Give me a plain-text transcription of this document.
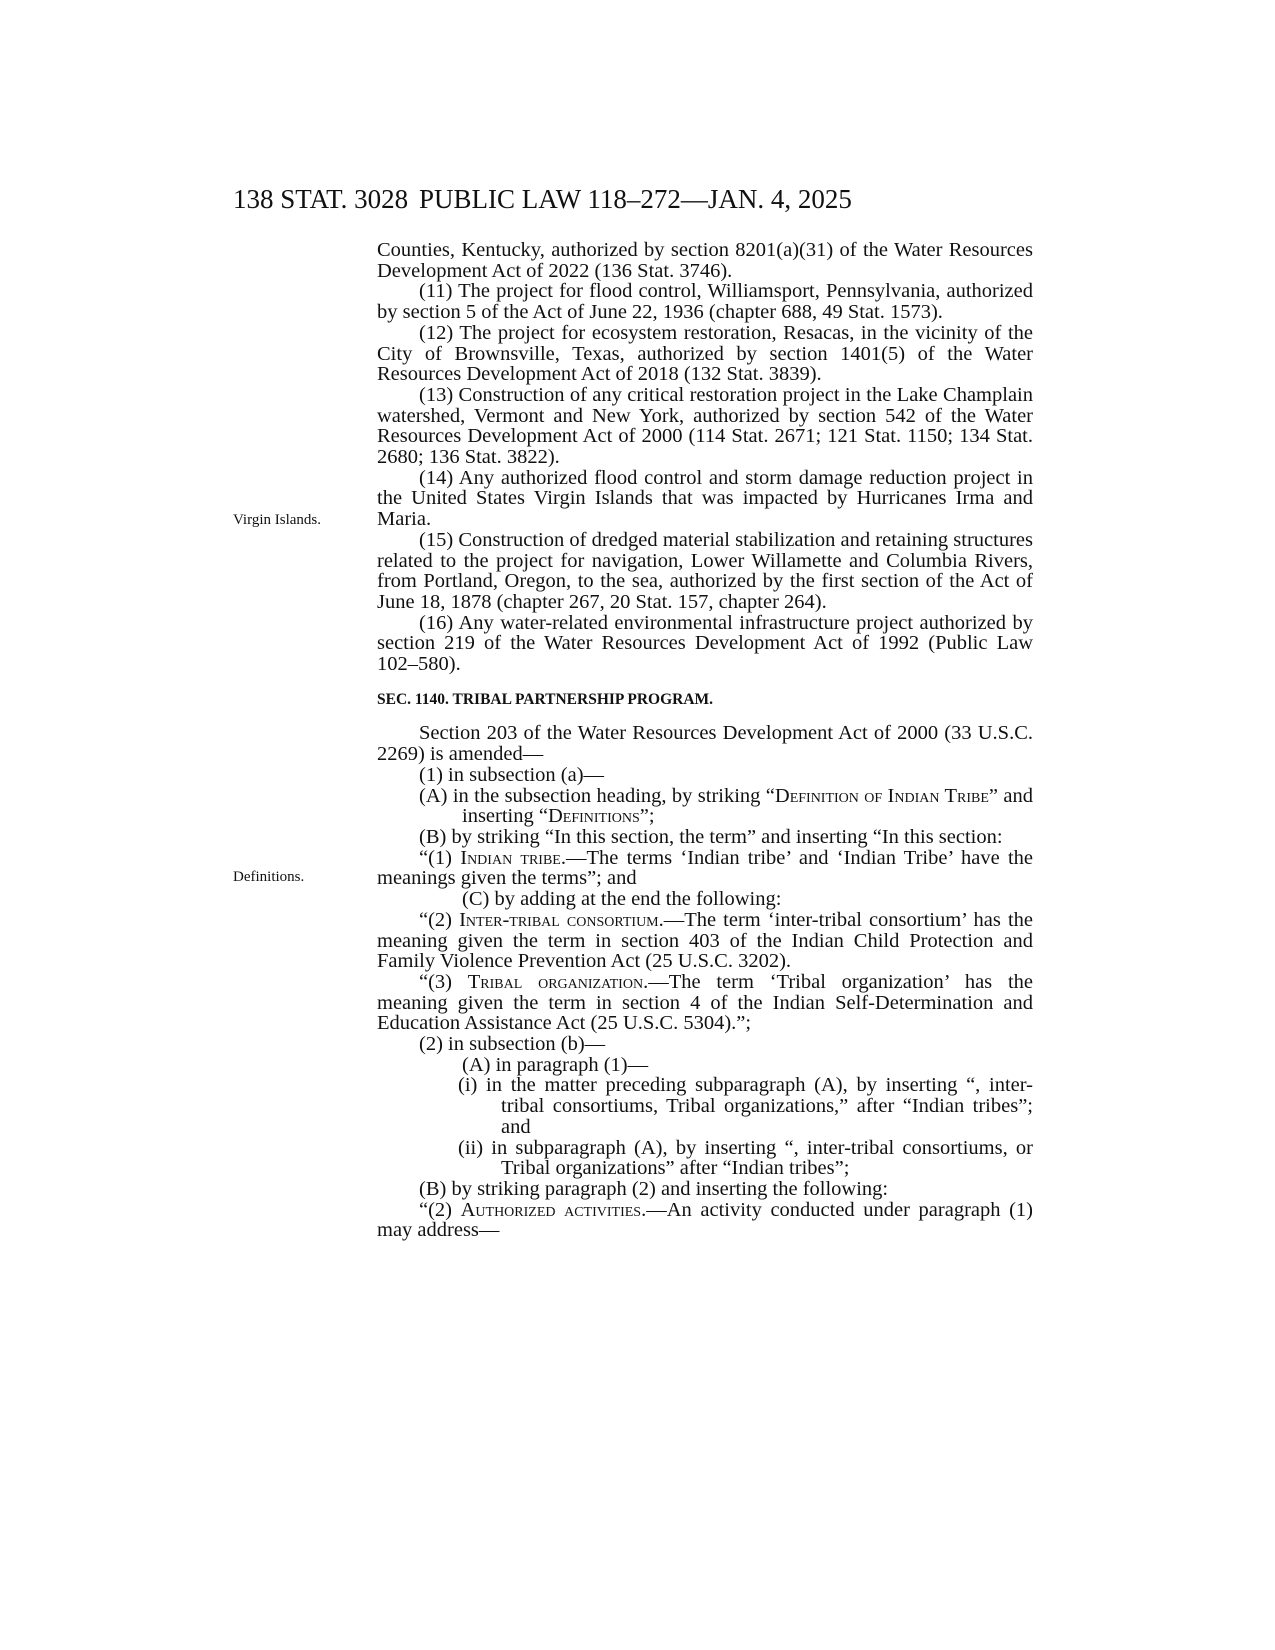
138 STAT. 3028 PUBLIC LAW 118–272—JAN. 4, 2025
Virgin Islands.
Definitions.
Counties, Kentucky, authorized by section 8201(a)(31) of the Water Resources Development Act of 2022 (136 Stat. 3746).
(11) The project for flood control, Williamsport, Pennsylvania, authorized by section 5 of the Act of June 22, 1936 (chapter 688, 49 Stat. 1573).
(12) The project for ecosystem restoration, Resacas, in the vicinity of the City of Brownsville, Texas, authorized by section 1401(5) of the Water Resources Development Act of 2018 (132 Stat. 3839).
(13) Construction of any critical restoration project in the Lake Champlain watershed, Vermont and New York, authorized by section 542 of the Water Resources Development Act of 2000 (114 Stat. 2671; 121 Stat. 1150; 134 Stat. 2680; 136 Stat. 3822).
(14) Any authorized flood control and storm damage reduction project in the United States Virgin Islands that was impacted by Hurricanes Irma and Maria.
(15) Construction of dredged material stabilization and retaining structures related to the project for navigation, Lower Willamette and Columbia Rivers, from Portland, Oregon, to the sea, authorized by the first section of the Act of June 18, 1878 (chapter 267, 20 Stat. 157, chapter 264).
(16) Any water-related environmental infrastructure project authorized by section 219 of the Water Resources Development Act of 1992 (Public Law 102–580).
SEC. 1140. TRIBAL PARTNERSHIP PROGRAM.
Section 203 of the Water Resources Development Act of 2000 (33 U.S.C. 2269) is amended—
(1) in subsection (a)—
(A) in the subsection heading, by striking “Definition of Indian Tribe” and inserting “Definitions”;
(B) by striking “In this section, the term” and inserting “In this section:
“(1) Indian tribe.—The terms ‘Indian tribe’ and ‘Indian Tribe’ have the meanings given the terms”; and
(C) by adding at the end the following:
“(2) Inter-tribal consortium.—The term ‘inter-tribal consortium’ has the meaning given the term in section 403 of the Indian Child Protection and Family Violence Prevention Act (25 U.S.C. 3202).
“(3) Tribal organization.—The term ‘Tribal organization’ has the meaning given the term in section 4 of the Indian Self-Determination and Education Assistance Act (25 U.S.C. 5304).”;
(2) in subsection (b)—
(A) in paragraph (1)—
(i) in the matter preceding subparagraph (A), by inserting “, inter-tribal consortiums, Tribal organizations,” after “Indian tribes”; and
(ii) in subparagraph (A), by inserting “, inter-tribal consortiums, or Tribal organizations” after “Indian tribes”;
(B) by striking paragraph (2) and inserting the following:
“(2) Authorized activities.—An activity conducted under paragraph (1) may address—
